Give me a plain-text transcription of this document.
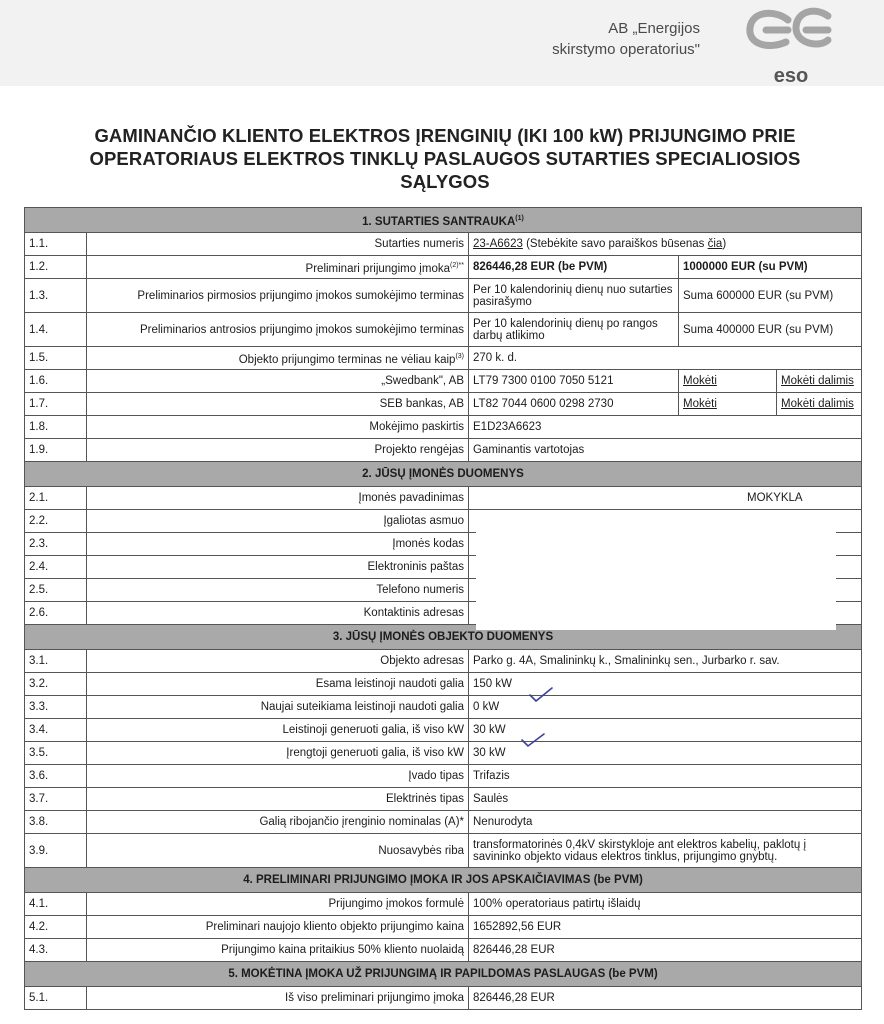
AB „Energijos
skirstymo operatorius"
eso
GAMINANČIO KLIENTO ELEKTROS ĮRENGINIŲ (IKI 100 kW) PRIJUNGIMO PRIE
OPERATORIAUS ELEKTROS TINKLŲ PASLAUGOS SUTARTIES SPECIALIOSIOS
SĄLYGOS
1. SUTARTIES SANTRAUKA$^{(1)}$
1.1.	Sutarties numeris	23-A6623 (Stebėkite savo paraiškos būsenas čia)		
1.2.	Preliminari prijungimo įmoka$^{(2)**}$	826446,28 EUR (be PVM)	1000000 EUR (su PVM)	
1.3.	Preliminarios pirmosios prijungimo įmokos sumokėjimo terminas	Per 10 kalendorinių dienų nuo sutarties pasirašymo	Suma 600000 EUR (su PVM)	
1.4.	Preliminarios antrosios prijungimo įmokos sumokėjimo terminas	Per 10 kalendorinių dienų po rangos darbų atlikimo	Suma 400000 EUR (su PVM)	
1.5.	Objekto prijungimo terminas ne vėliau kaip$^{(3)}$	270 k. d.		
1.6.	„Swedbank", AB	LT79 7300 0100 7050 5121	Mokėti	Mokėti dalimis
1.7.	SEB bankas, AB	LT82 7044 0600 0298 2730	Mokėti	Mokėti dalimis
1.8.	Mokėjimo paskirtis	E1D23A6623		
1.9.	Projekto rengėjas	Gaminantis vartotojas		
2. JŪSŲ ĮMONĖS DUOMENYS				
2.1.	Įmonės pavadinimas	MOKYKLA		
2.2.	Įgaliotas asmuo			
2.3.	Įmonės kodas			
2.4.	Elektroninis paštas			
2.5.	Telefono numeris			
2.6.	Kontaktinis adresas			
3. JŪSŲ ĮMONĖS OBJEKTO DUOMENYS				
3.1.	Objekto adresas	Parko g. 4A, Smalininkų k., Smalininkų sen., Jurbarko r. sav.		
3.2.	Esama leistinoji naudoti galia	150 kW		
3.3.	Naujai suteikiama leistinoji naudoti galia	0 kW		
3.4.	Leistinoji generuoti galia, iš viso kW	30 kW		
3.5.	Įrengtoji generuoti galia, iš viso kW	30 kW		
3.6.	Įvado tipas	Trifazis		
3.7.	Elektrinės tipas	Saulės		
3.8.	Galią ribojančio įrenginio nominalas (A)*	Nenurodyta		
3.9.	Nuosavybės riba	transformatorinės 0,4kV skirstykloje ant elektros kabelių, paklotų į savininko objekto vidaus elektros tinklus, prijungimo gnybtų.		
4. PRELIMINARI PRIJUNGIMO ĮMOKA IR JOS APSKAIČIAVIMAS (be PVM)				
4.1.	Prijungimo įmokos formulė	100% operatoriaus patirtų išlaidų		
4.2.	Preliminari naujojo kliento objekto prijungimo kaina	1652892,56 EUR		
4.3.	Prijungimo kaina pritaikius 50% kliento nuolaidą	826446,28 EUR		
5. MOKĖTINA ĮMOKA UŽ PRIJUNGIMĄ IR PAPILDOMAS PASLAUGAS (be PVM)				
5.1.	Iš viso preliminari prijungimo įmoka	826446,28 EUR		
